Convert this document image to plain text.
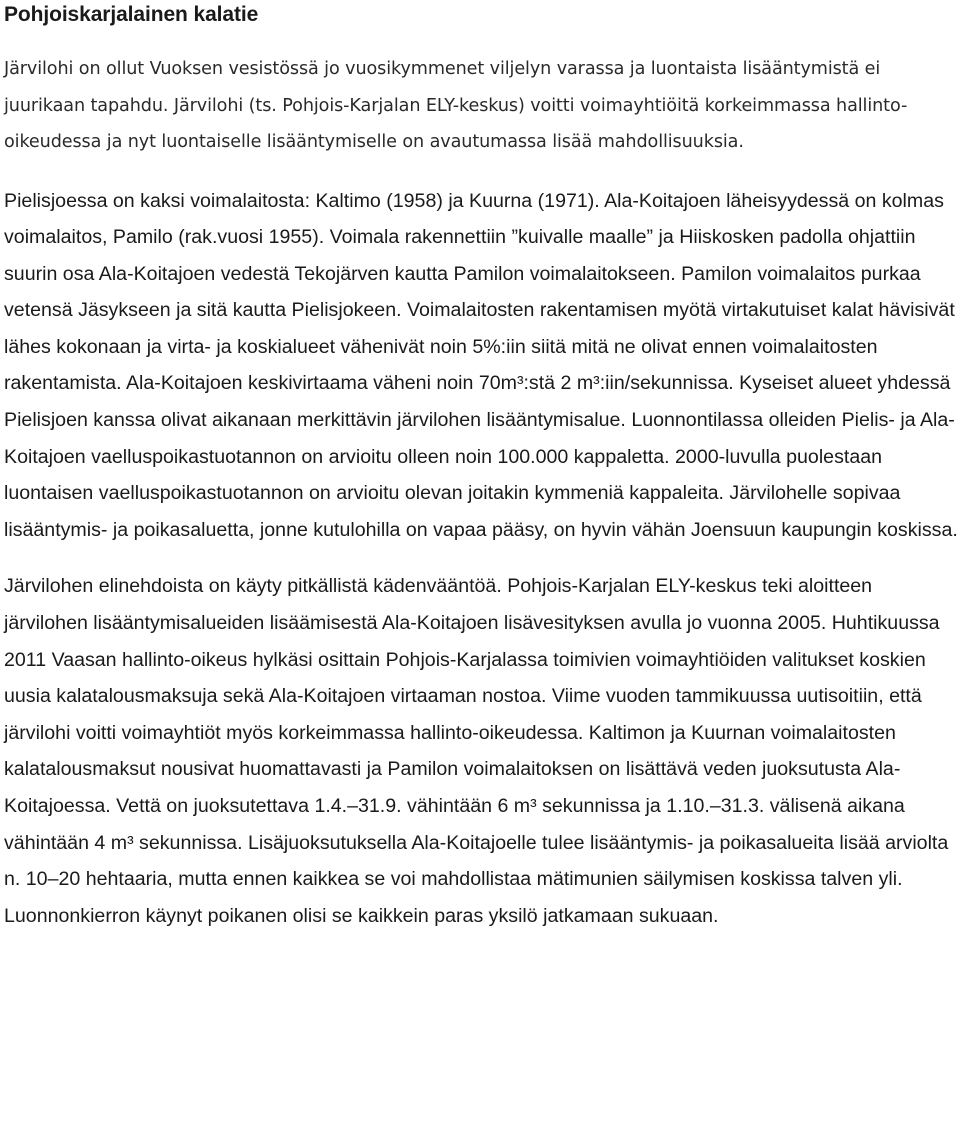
Pohjoiskarjalainen kalatie

Järvilohi on ollut Vuoksen vesistössä jo vuosikymmenet viljelyn varassa ja luontaista lisääntymistä ei juurikaan tapahdu. Järvilohi (ts. Pohjois-Karjalan ELY-keskus) voitti voimayhtiöitä korkeimmassa hallinto-oikeudessa ja nyt luontaiselle lisääntymiselle on avautumassa lisää mahdollisuuksia.

Pielisjoessa on kaksi voimalaitosta: Kaltimo (1958) ja Kuurna (1971). Ala-Koitajoen läheisyydessä on kolmas voimalaitos, Pamilo (rak.vuosi 1955). Voimala rakennettiin ”kuivalle maalle” ja Hiiskosken padolla ohjattiin suurin osa Ala-Koitajoen vedestä Tekojärven kautta Pamilon voimalaitokseen. Pamilon voimalaitos purkaa vetensä Jäsykseen ja sitä kautta Pielisjokeen. Voimalaitosten rakentamisen myötä virtakutuiset kalat hävisivät lähes kokonaan ja virta- ja koskialueet vähenivät noin 5%:iin siitä mitä ne olivat ennen voimalaitosten rakentamista. Ala-Koitajoen keskivirtaama väheni noin 70m³:stä 2 m³:iin/sekunnissa. Kyseiset alueet yhdessä Pielisjoen kanssa olivat aikanaan merkittävin järvilohen lisääntymisalue. Luonnontilassa olleiden Pielis- ja Ala-Koitajoen vaelluspoikastuotannon on arvioitu olleen noin 100.000 kappaletta. 2000-luvulla puolestaan luontaisen vaelluspoikastuotannon on arvioitu olevan joitakin kymmeniä kappaleita. Järvilohelle sopivaa lisääntymis- ja poikasaluetta, jonne kutulohilla on vapaa pääsy, on hyvin vähän Joensuun kaupungin koskissa.

Järvilohen elinehdoista on käyty pitkällistä kädenvääntöä. Pohjois-Karjalan ELY-keskus teki aloitteen järvilohen lisääntymisalueiden lisäämisestä Ala-Koitajoen lisävesityksen avulla jo vuonna 2005. Huhtikuussa 2011 Vaasan hallinto-oikeus hylkäsi osittain Pohjois-Karjalassa toimivien voimayhtiöiden valitukset koskien uusia kalatalousmaksuja sekä Ala-Koitajoen virtaaman nostoa. Viime vuoden tammikuussa uutisoitiin, että järvilohi voitti voimayhtiöt myös korkeimmassa hallinto-oikeudessa. Kaltimon ja Kuurnan voimalaitosten kalatalousmaksut nousivat huomattavasti ja Pamilon voimalaitoksen on lisättävä veden juoksutusta Ala-Koitajoessa. Vettä on juoksutettava 1.4.–31.9. vähintään 6 m³ sekunnissa ja 1.10.–31.3. välisenä aikana vähintään 4 m³ sekunnissa. Lisäjuoksutuksella Ala-Koitajoelle tulee lisääntymis- ja poikasalueita lisää arviolta n. 10–20 hehtaaria, mutta ennen kaikkea se voi mahdollistaa mätimunien säilymisen koskissa talven yli. Luonnonkierron käynyt poikanen olisi se kaikkein paras yksilö jatkamaan sukuaan.
